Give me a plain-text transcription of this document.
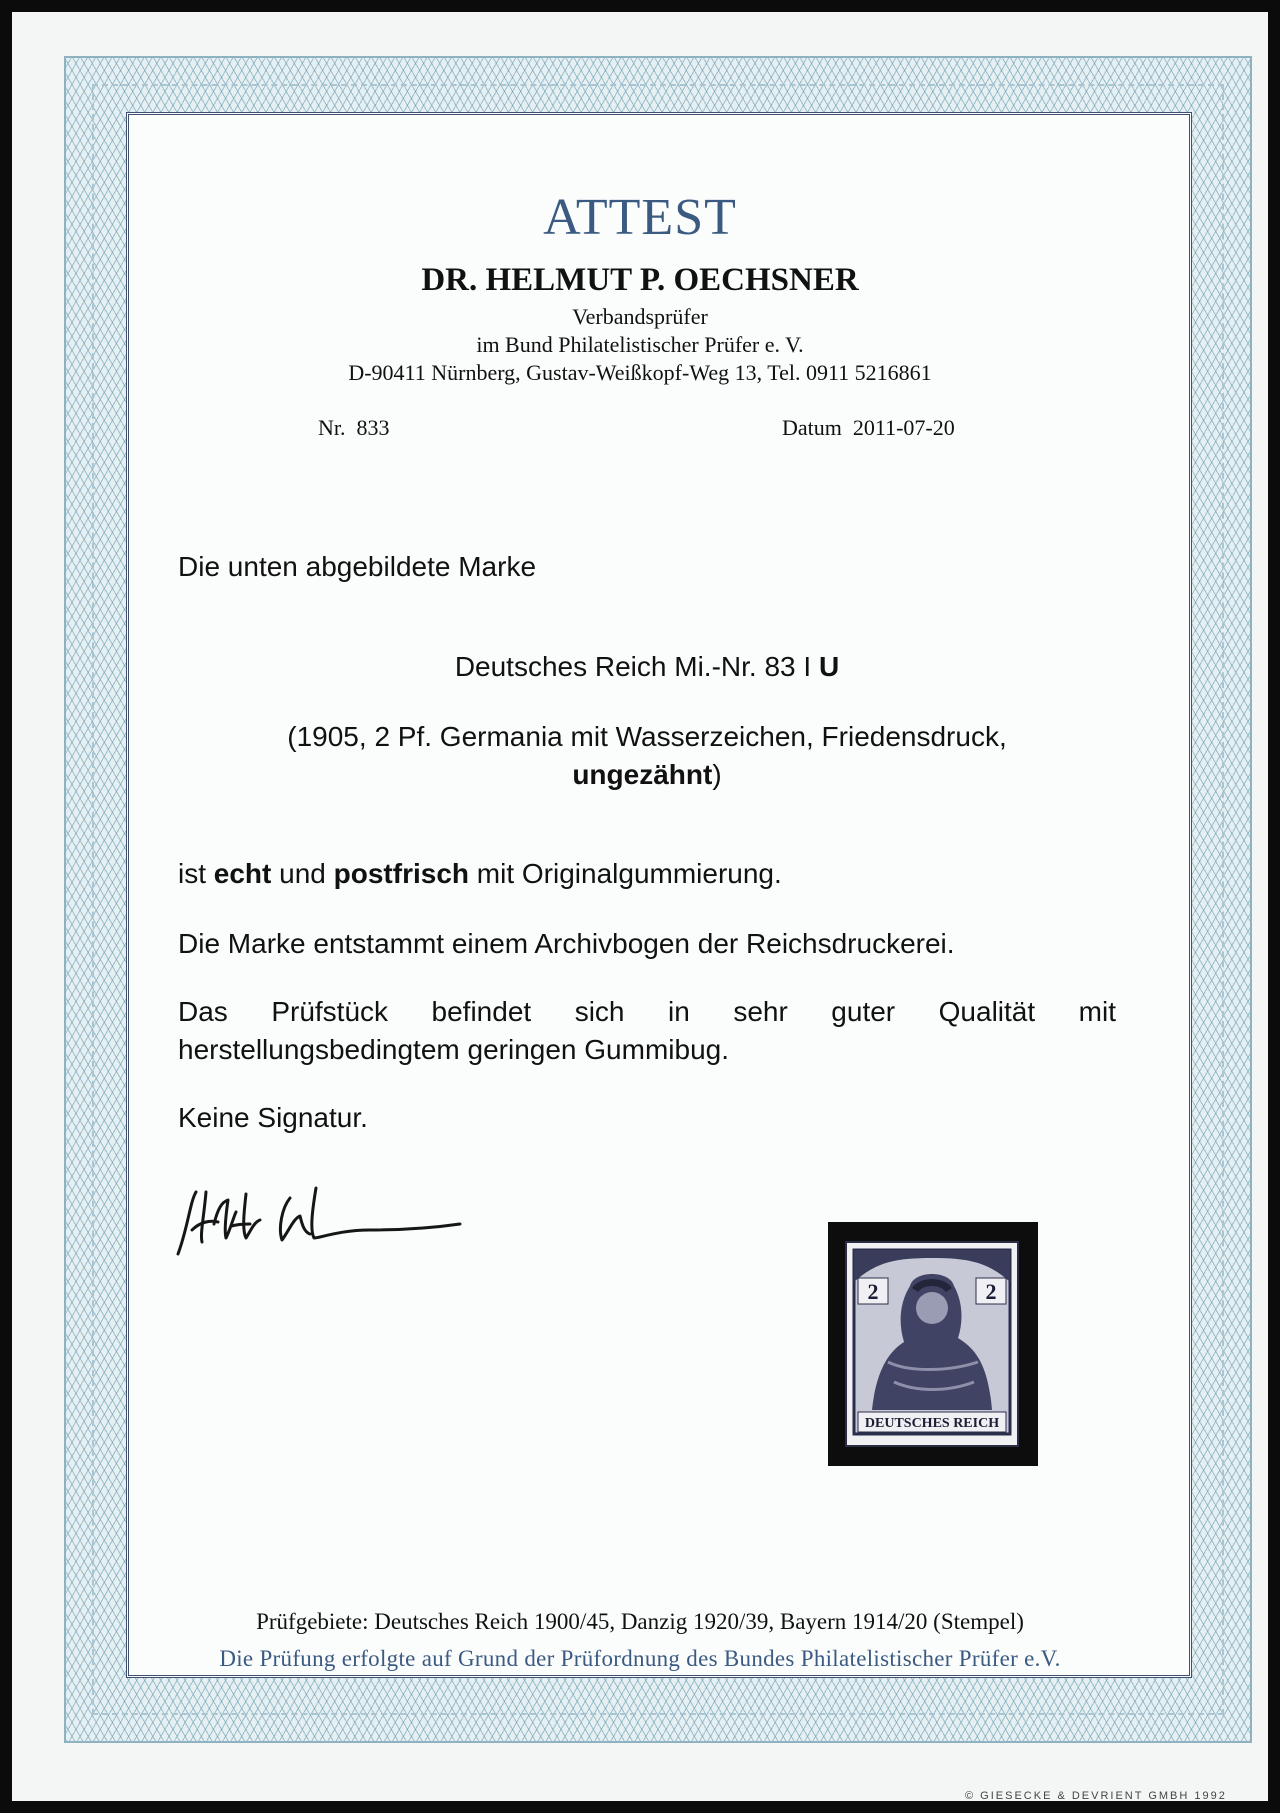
ATTEST
DR. HELMUT P. OECHSNER
Verbandsprüfer
im Bund Philatelistischer Prüfer e. V.
D-90411 Nürnberg, Gustav-Weißkopf-Weg 13, Tel. 0911 5216861
Nr. 833	Datum 2011-07-20
Die unten abgebildete Marke
Deutsches Reich Mi.-Nr. 83 I U
(1905, 2 Pf. Germania mit Wasserzeichen, Friedensdruck,
ungezähnt)
ist echt und postfrisch mit Originalgummierung.
Die Marke entstammt einem Archivbogen der Reichsdruckerei.
Das Prüfstück befindet sich in sehr guter Qualität mit herstellungsbedingtem geringen Gummibug.
Keine Signatur.
2	2
DEUTSCHES REICH
Prüfgebiete: Deutsches Reich 1900/45, Danzig 1920/39, Bayern 1914/20 (Stempel)
Die Prüfung erfolgte auf Grund der Prüfordnung des Bundes Philatelistischer Prüfer e.V.
© GIESECKE & DEVRIENT GMBH 1992
